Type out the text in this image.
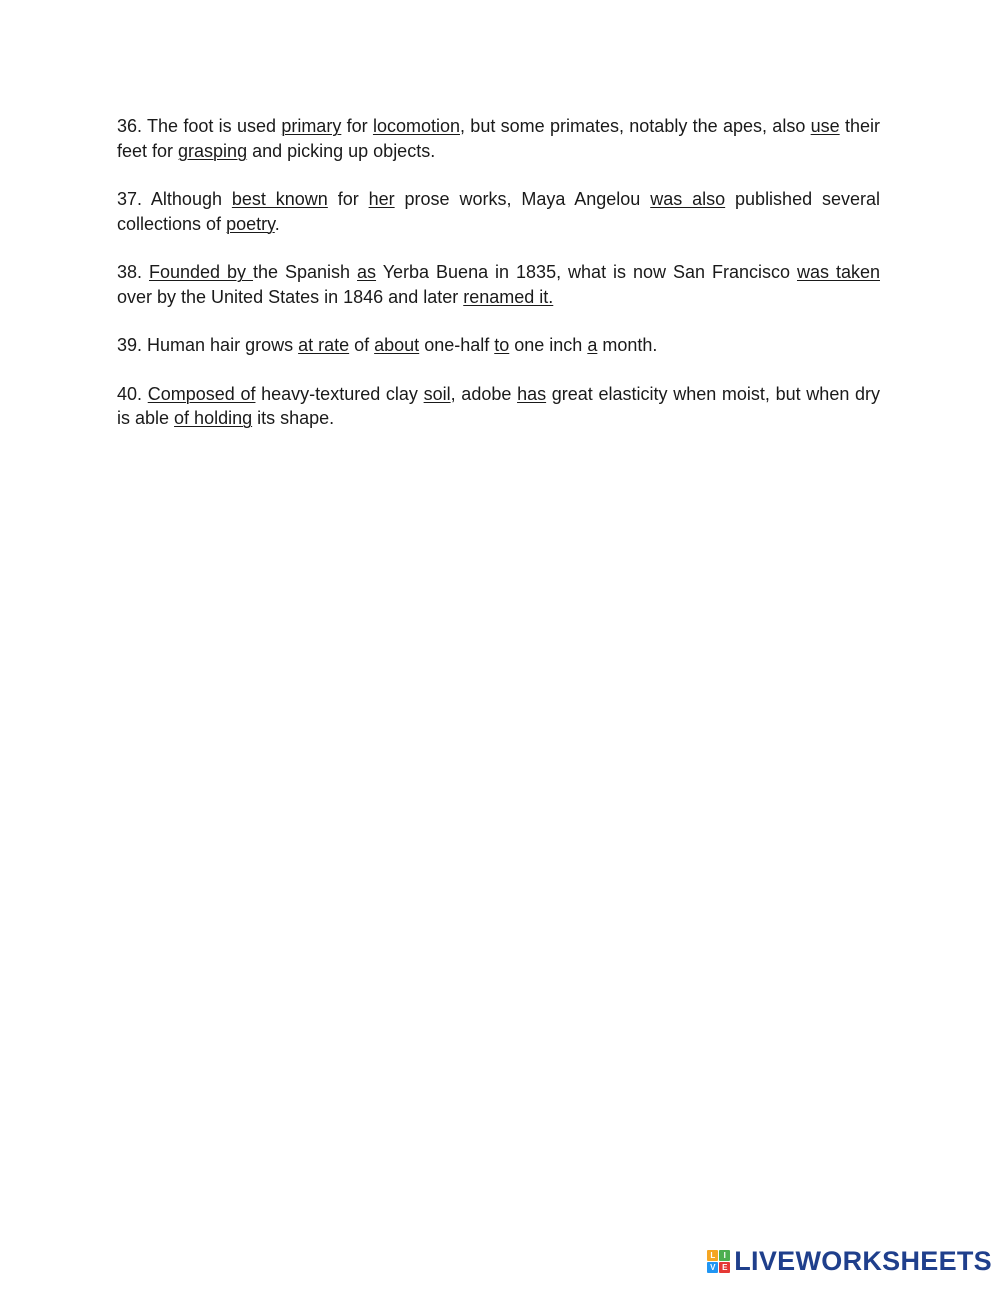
36. The foot is used primary for locomotion, but some primates, notably the apes, also use their feet for grasping and picking up objects.

37. Although best known for her prose works, Maya Angelou was also published several collections of poetry.

38. Founded by the Spanish as Yerba Buena in 1835, what is now San Francisco was taken over by the United States in 1846 and later renamed it.

39. Human hair grows at rate of about one-half to one inch a month.

40. Composed of heavy-textured clay soil, adobe has great elasticity when moist, but when dry is able of holding its shape.

L	I
V E LIVEWORKSHEETS
